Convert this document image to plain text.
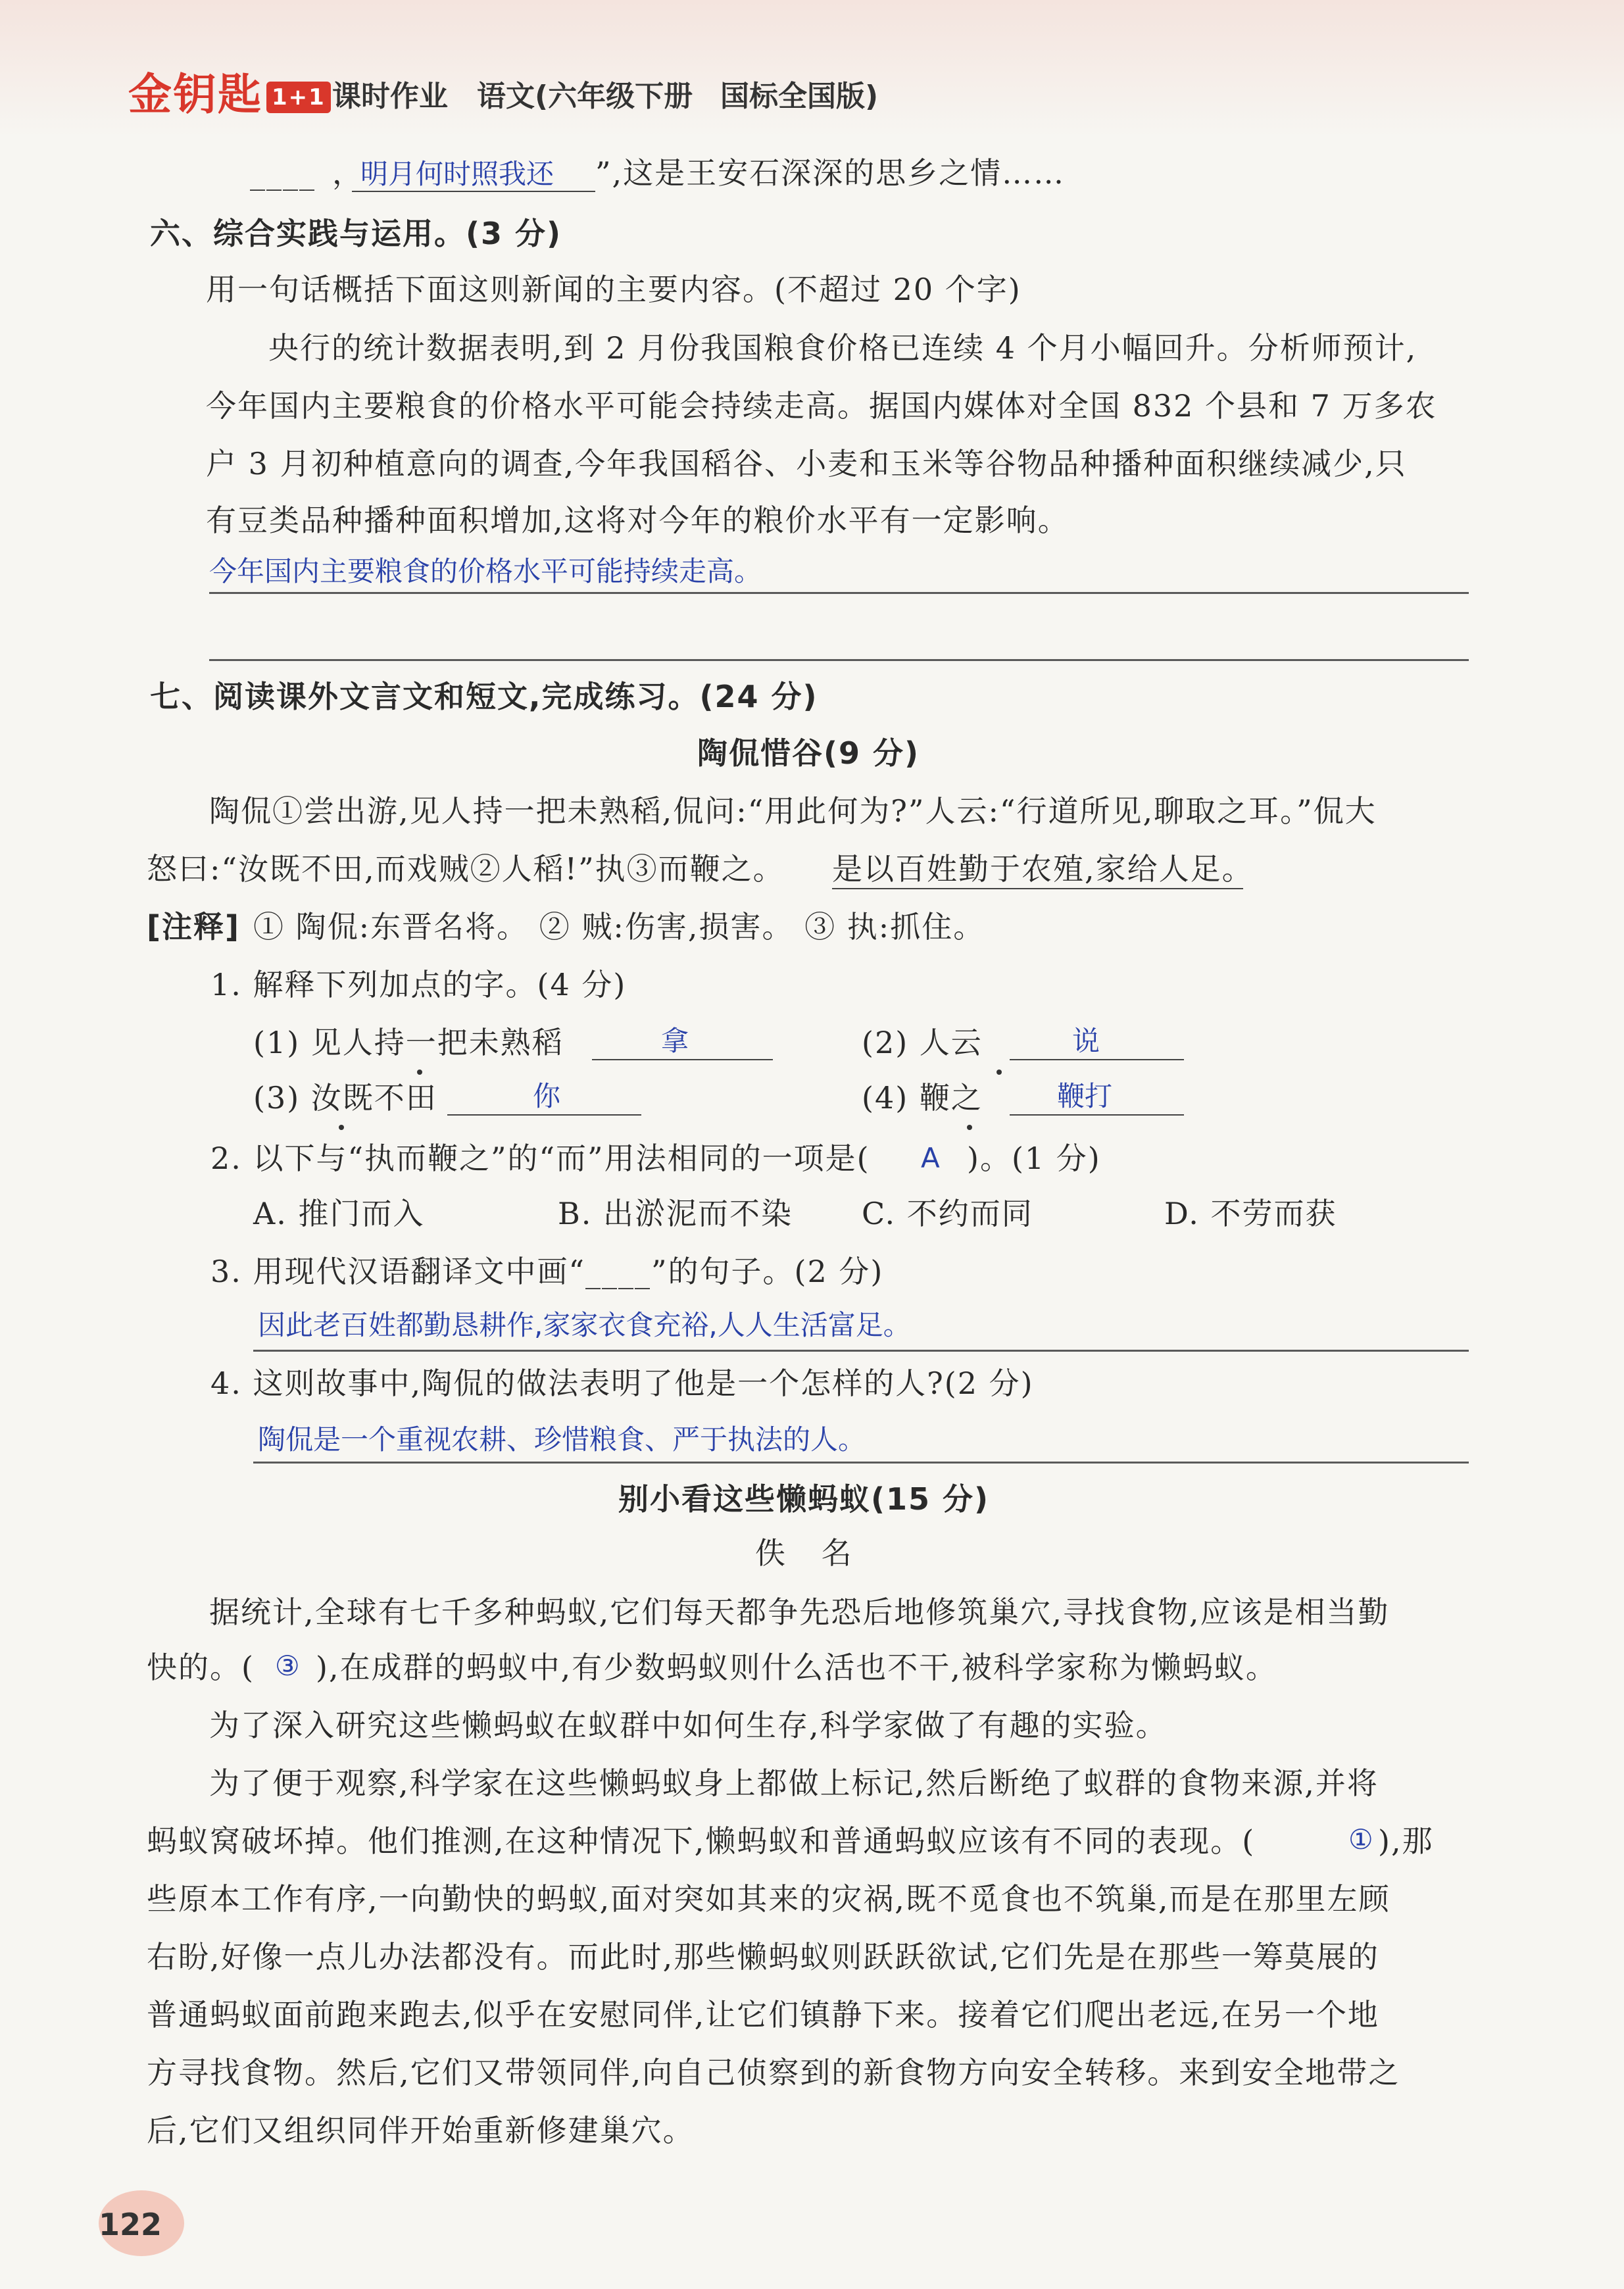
金钥匙 1+1 课时作业 语文(六年级下册 国标全国版)
____ ，
明月何时照我还 ”,这是王安石深深的思乡之情……
六、综合实践与运用。(3 分)
用一句话概括下面这则新闻的主要内容。(不超过 20 个字)
央行的统计数据表明,到 2 月份我国粮食价格已连续 4 个月小幅回升。分析师预计,
今年国内主要粮食的价格水平可能会持续走高。据国内媒体对全国 832 个县和 7 万多农
户 3 月初种植意向的调查,今年我国稻谷、小麦和玉米等谷物品种播种面积继续减少,只
有豆类品种播种面积增加,这将对今年的粮价水平有一定影响。
今年国内主要粮食的价格水平可能持续走高。
七、阅读课外文言文和短文,完成练习。(24 分)
陶侃惜谷(9 分)
陶侃①尝出游,见人持一把未熟稻,侃问:“用此何为?”人云:“行道所见,聊取之耳。”侃大
怒曰:“汝既不田,而戏贼②人稻!”执③而鞭之。 是以百姓勤于农殖,家给人足。
[注释] ① 陶侃:东晋名将。 ② 贼:伤害,损害。 ③ 执:抓住。
1. 解释下列加点的字。(4 分)
(1) 见人持一把未熟稻	拿	(2) 人云	说
(3) 汝既不田	你	(4) 鞭之	鞭打
2. 以下与“执而鞭之”的“而”用法相同的一项是( A )。(1 分)
A. 推门而入	B. 出淤泥而不染 C. 不约而同	D. 不劳而获
3. 用现代汉语翻译文中画“____”的句子。(2 分)
因此老百姓都勤恳耕作,家家衣食充裕,人人生活富足。
4. 这则故事中,陶侃的做法表明了他是一个怎样的人?(2 分)
陶侃是一个重视农耕、珍惜粮食、严于执法的人。
别小看这些懒蚂蚁(15 分)
佚 名
据统计,全球有七千多种蚂蚁,它们每天都争先恐后地修筑巢穴,寻找食物,应该是相当勤
快的。( ③ ),在成群的蚂蚁中,有少数蚂蚁则什么活也不干,被科学家称为懒蚂蚁。
为了深入研究这些懒蚂蚁在蚁群中如何生存,科学家做了有趣的实验。
为了便于观察,科学家在这些懒蚂蚁身上都做上标记,然后断绝了蚁群的食物来源,并将
蚂蚁窝破坏掉。他们推测,在这种情况下,懒蚂蚁和普通蚂蚁应该有不同的表现。(	① ),那
些原本工作有序,一向勤快的蚂蚁,面对突如其来的灾祸,既不觅食也不筑巢,而是在那里左顾
右盼,好像一点儿办法都没有。而此时,那些懒蚂蚁则跃跃欲试,它们先是在那些一筹莫展的
普通蚂蚁面前跑来跑去,似乎在安慰同伴,让它们镇静下来。接着它们爬出老远,在另一个地
方寻找食物。然后,它们又带领同伴,向自己侦察到的新食物方向安全转移。来到安全地带之
后,它们又组织同伴开始重新修建巢穴。
122
